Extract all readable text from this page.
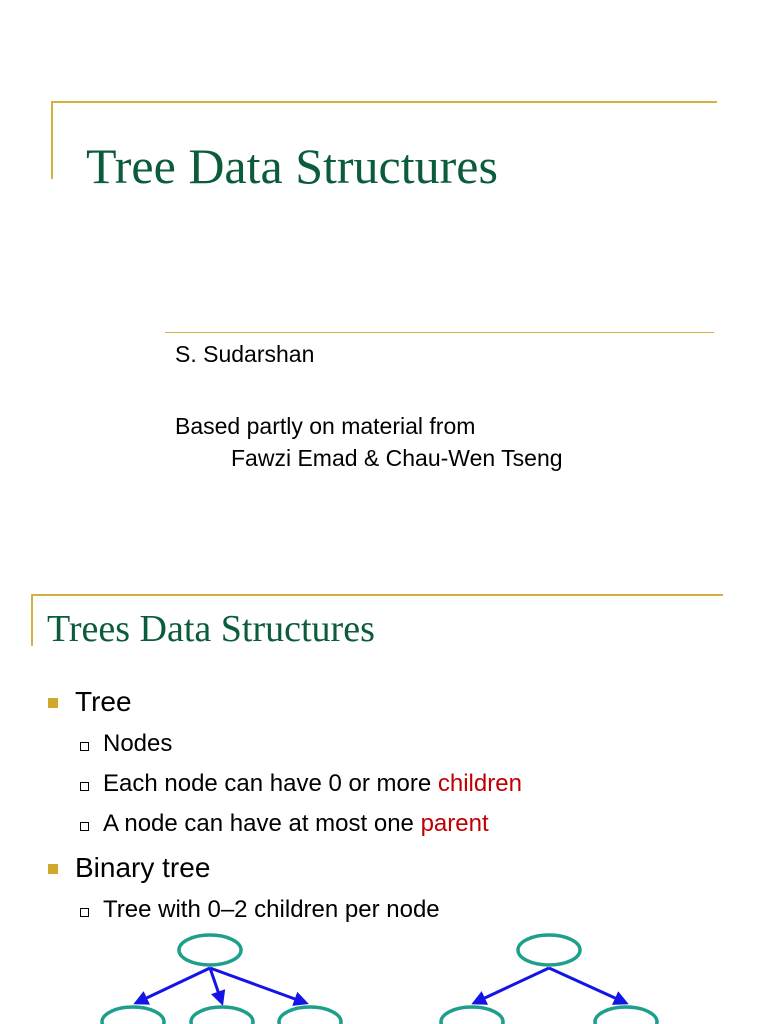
Tree Data Structures
S. Sudarshan
Based partly on material from
Fawzi Emad & Chau-Wen Tseng
Trees Data Structures
Tree
Nodes
Each node can have 0 or more children
A node can have at most one parent
Binary tree
Tree with 0–2 children per node
